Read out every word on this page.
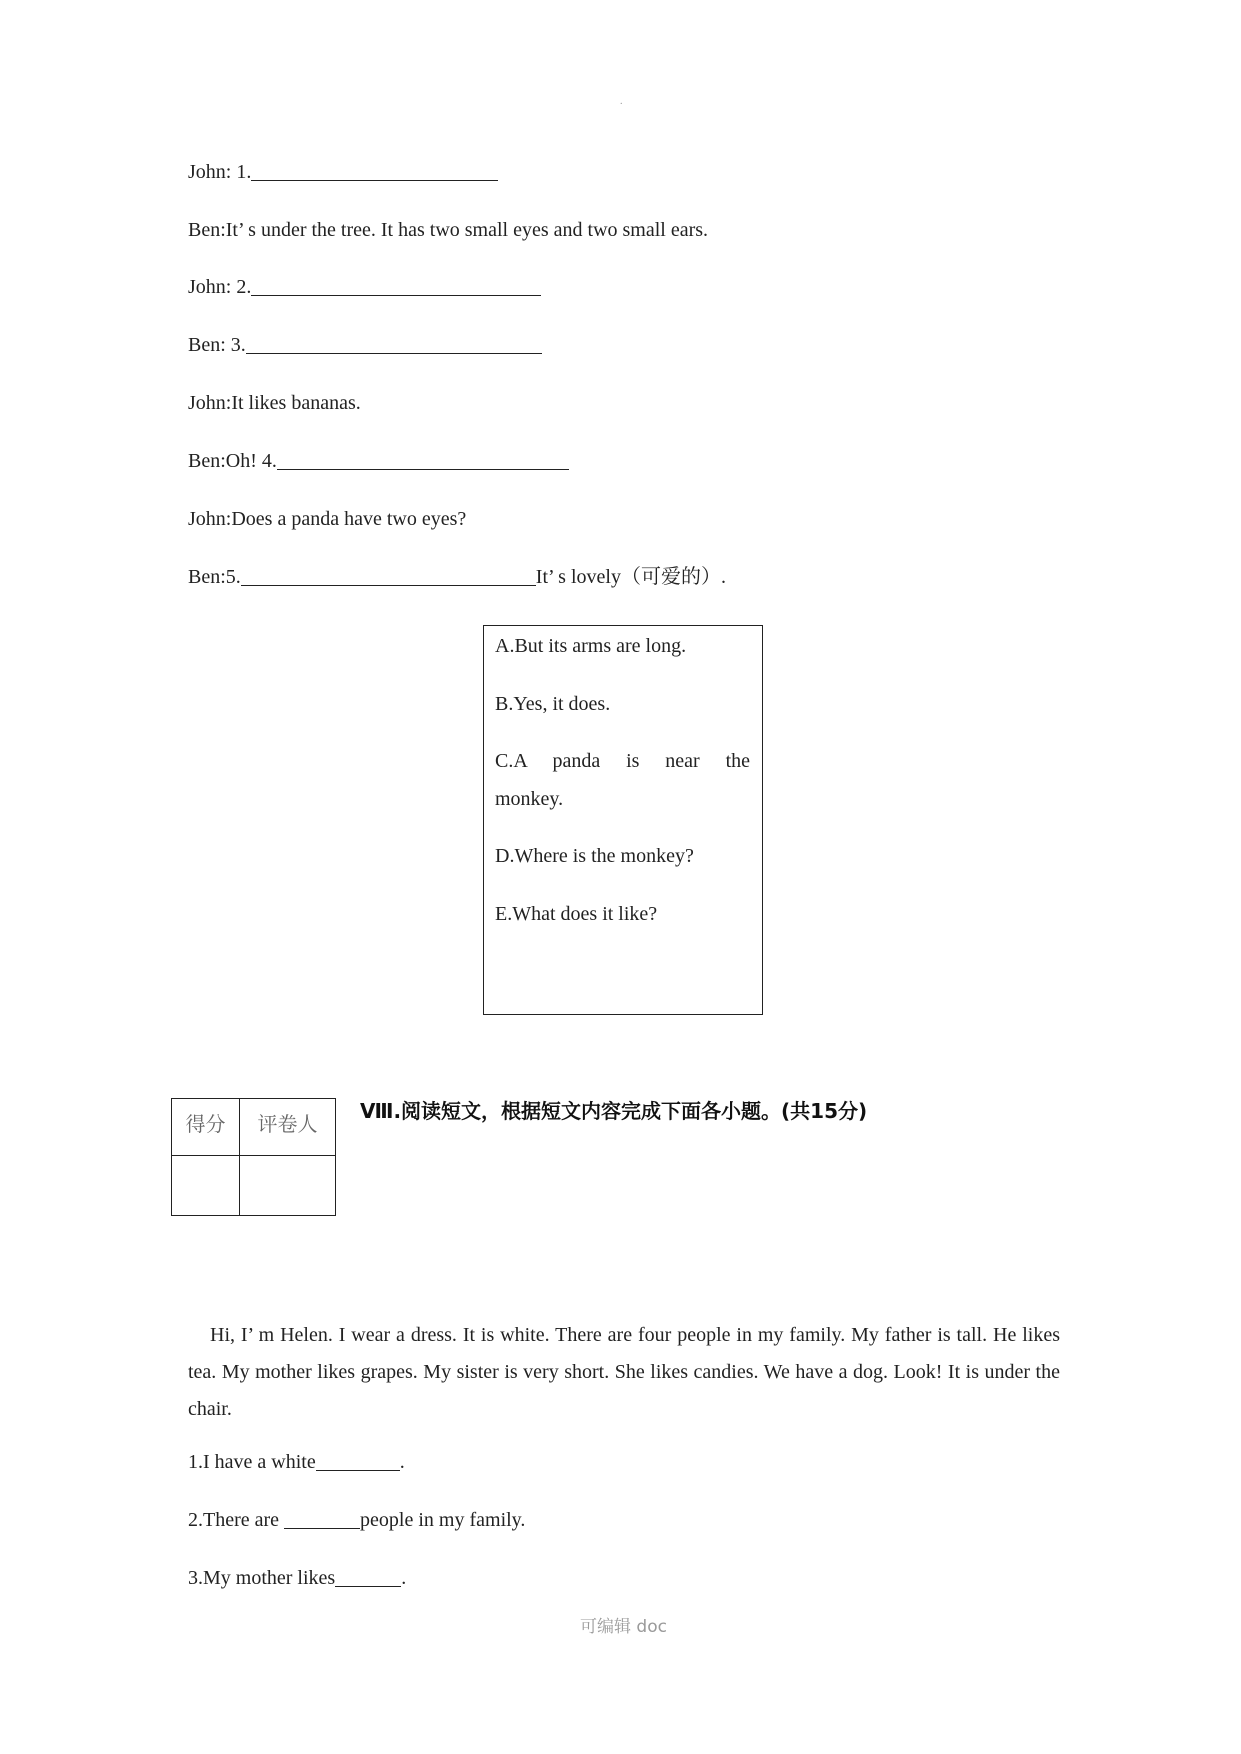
.
John: 1.
Ben:It’ s under the tree. It has two small eyes and two small ears.
John: 2.
Ben: 3.
John:It likes bananas.
Ben:Oh! 4.
John:Does a panda have two eyes?
Ben:5.	It’ s lovely（可爱的）.
A.But its arms are long.
B.Yes, it does.
C.A panda is near the
monkey.
D.Where is the monkey?
E.What does it like?
得分	评卷人

Ⅷ.阅读短文，根据短文内容完成下面各小题。(共15分)
Hi, I’ m Helen. I wear a dress. It is white. There are four people in my family. My father is tall. He likes tea. My mother likes grapes. My sister is very short. She likes candies. We have a dog. Look! It is under the chair.
1.I have a white	.
2.There are	people in my family.
3.My mother likes	.
可编辑 doc
